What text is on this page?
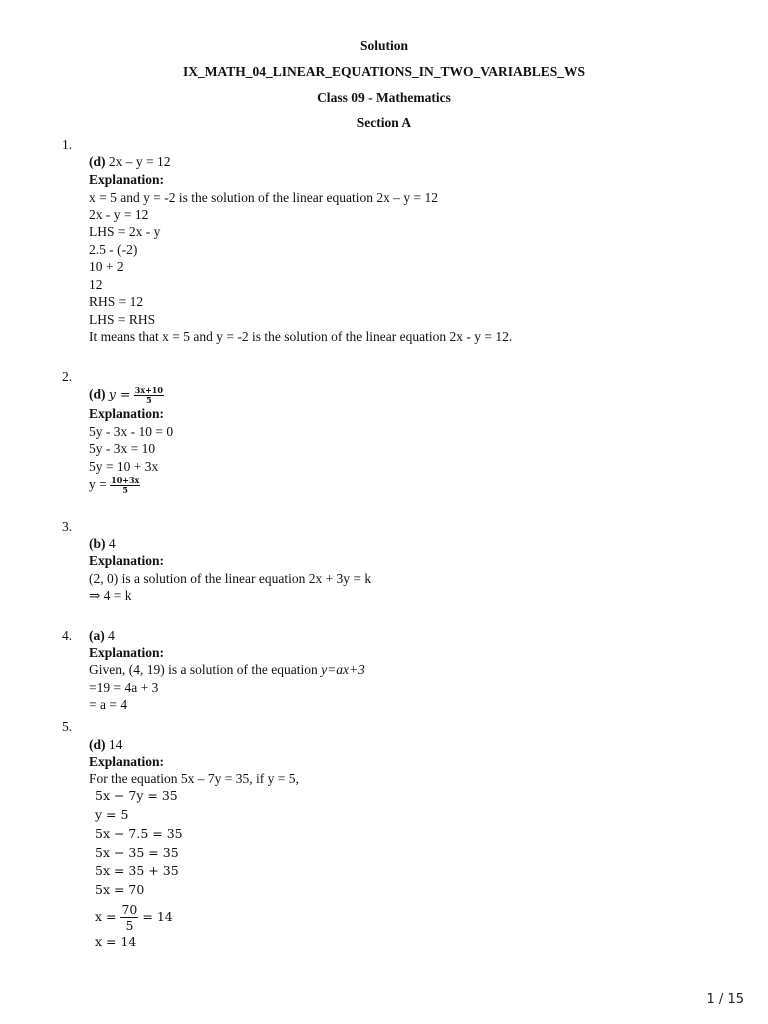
Solution
IX_MATH_04_LINEAR_EQUATIONS_IN_TWO_VARIABLES_WS
Class 09 - Mathematics
Section A
1.
(d) 2x – y = 12
Explanation:
x = 5 and y = -2 is the solution of the linear equation 2x – y = 12
2x - y = 12
LHS = 2x - y
2.5 - (-2)
10 + 2
12
RHS = 12
LHS = RHS
It means that x = 5 and y = -2 is the solution of the linear equation 2x - y = 12.
2.
(d) $y = \frac{3x+10}{5}$
Explanation:
5y - 3x - 10 = 0
5y - 3x = 10
5y = 10 + 3x
$y = \frac{10+3x}{5}$
3.
(b) 4
Explanation:
(2, 0) is a solution of the linear equation 2x + 3y = k
⇒ 4 = k
4. (a) 4
Explanation:
Given, (4, 19) is a solution of the equation y=ax+3
=19 = 4a + 3
= a = 4
5.
(d) 14
Explanation:
For the equation 5x – 7y = 35, if y = 5,
5x − 7y = 35
y = 5
5x − 7.5 = 35
5x − 35 = 35
5x = 35 + 35
5x = 70
$x = \frac{70}{5} = 14$
x = 14
1 / 15
